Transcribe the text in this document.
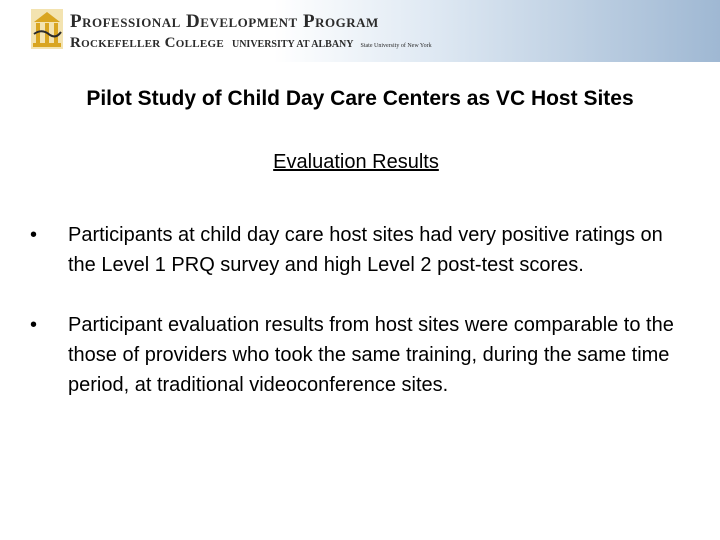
Professional Development Program
Rockefeller College UNIVERSITY AT ALBANY State University of New York
Pilot Study of Child Day Care Centers as VC Host Sites
Evaluation Results
•	Participants at child day care host sites had very positive ratings on the Level 1 PRQ survey and high Level 2 post-test scores.
•	Participant evaluation results from host sites were comparable to the those of providers who took the same training, during the same time period, at traditional videoconference sites.
